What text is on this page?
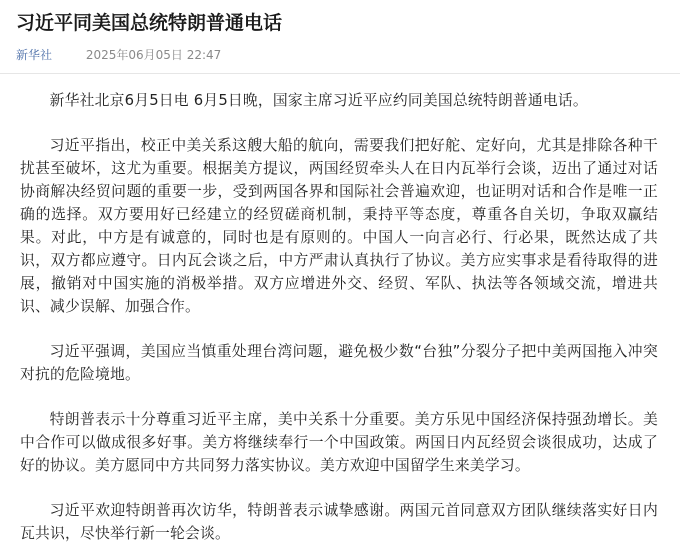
习近平同美国总统特朗普通电话
新华社	2025年06月05日 22:47

新华社北京6月5日电 6月5日晚，国家主席习近平应约同美国总统特朗普通电话。

习近平指出，校正中美关系这艘大船的航向，需要我们把好舵、定好向，尤其是排除各种干扰甚至破坏，这尤为重要。根据美方提议，两国经贸牵头人在日内瓦举行会谈，迈出了通过对话协商解决经贸问题的重要一步，受到两国各界和国际社会普遍欢迎，也证明对话和合作是唯一正确的选择。双方要用好已经建立的经贸磋商机制，秉持平等态度，尊重各自关切，争取双赢结果。对此，中方是有诚意的，同时也是有原则的。中国人一向言必行、行必果，既然达成了共识，双方都应遵守。日内瓦会谈之后，中方严肃认真执行了协议。美方应实事求是看待取得的进展，撤销对中国实施的消极举措。双方应增进外交、经贸、军队、执法等各领域交流，增进共识、减少误解、加强合作。

习近平强调，美国应当慎重处理台湾问题，避免极少数“台独”分裂分子把中美两国拖入冲突对抗的危险境地。

特朗普表示十分尊重习近平主席，美中关系十分重要。美方乐见中国经济保持强劲增长。美中合作可以做成很多好事。美方将继续奉行一个中国政策。两国日内瓦经贸会谈很成功，达成了好的协议。美方愿同中方共同努力落实协议。美方欢迎中国留学生来美学习。

习近平欢迎特朗普再次访华，特朗普表示诚挚感谢。两国元首同意双方团队继续落实好日内瓦共识，尽快举行新一轮会谈。
